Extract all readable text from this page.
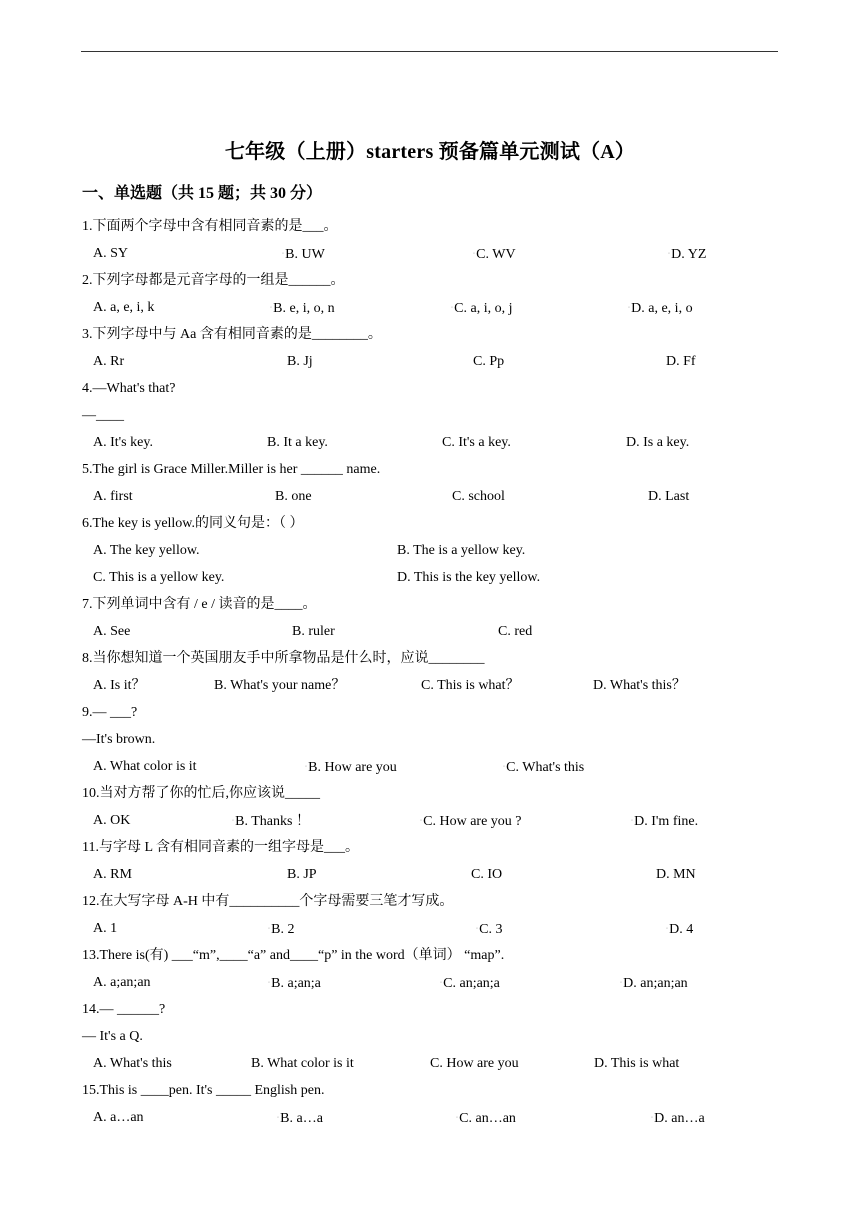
七年级（上册）starters 预备篇单元测试（A）
一、单选题（共 15 题；共 30 分）
1.下面两个字母中含有相同音素的是___。
A. SY	◦B. UW	◦C. WV	◦D. YZ
2.下列字母都是元音字母的一组是______。
A. a, e, i, k	◦B. e, i, o, n	◦C. a, i, o, j	◦D. a, e, i, o
3.下列字母中与 Aa 含有相同音素的是________。
A. Rr	B. Jj	C. Pp	D. Ff
4.—What's that?
—____
A. It's key.	B. It a key.	C. It's a key.	D. Is a key.
5.The girl is Grace Miller.Miller is her ______ name.
A. first	B. one	C. school	D. Last
6.The key is yellow.的同义句是：（ ）
A. The key yellow.	B. The is a yellow key.
C. This is a yellow key.	D. This is the key yellow.
7.下列单词中含有 / e / 读音的是____。
A. See	B. ruler	C. red
8.当你想知道一个英国朋友手中所拿物品是什么时，应说________
A. Is it？	B. What's your name？	C. This is what？	D. What's this？
9.— ___?
—It's brown.
A. What color is it	◦B. How are you	◦C. What's this
10.当对方帮了你的忙后,你应该说_____
A. OK	◦B. Thanks ！	◦C. How are you ?	◦D. I'm fine.
11.与字母 L 含有相同音素的一组字母是___。
A. RM	B. JP	C. IO	D. MN
12.在大写字母 A-H 中有__________个字母需要三笔才写成。
A. 1	◦B. 2	◦C. 3	◦D. 4
13.There is(有) ___“m”,____“a” and____“p” in the word（单词） “map”.
A. a;an;an	◦B. a;an;a	◦C. an;an;a	◦D. an;an;an
14.— ______?
— It's a Q.
A. What's this	B. What color is it	C. How are you	D. This is what
15.This is ____pen. It's _____ English pen.
A. a…an	◦B. a…a	◦C. an…an	◦D. an…a
